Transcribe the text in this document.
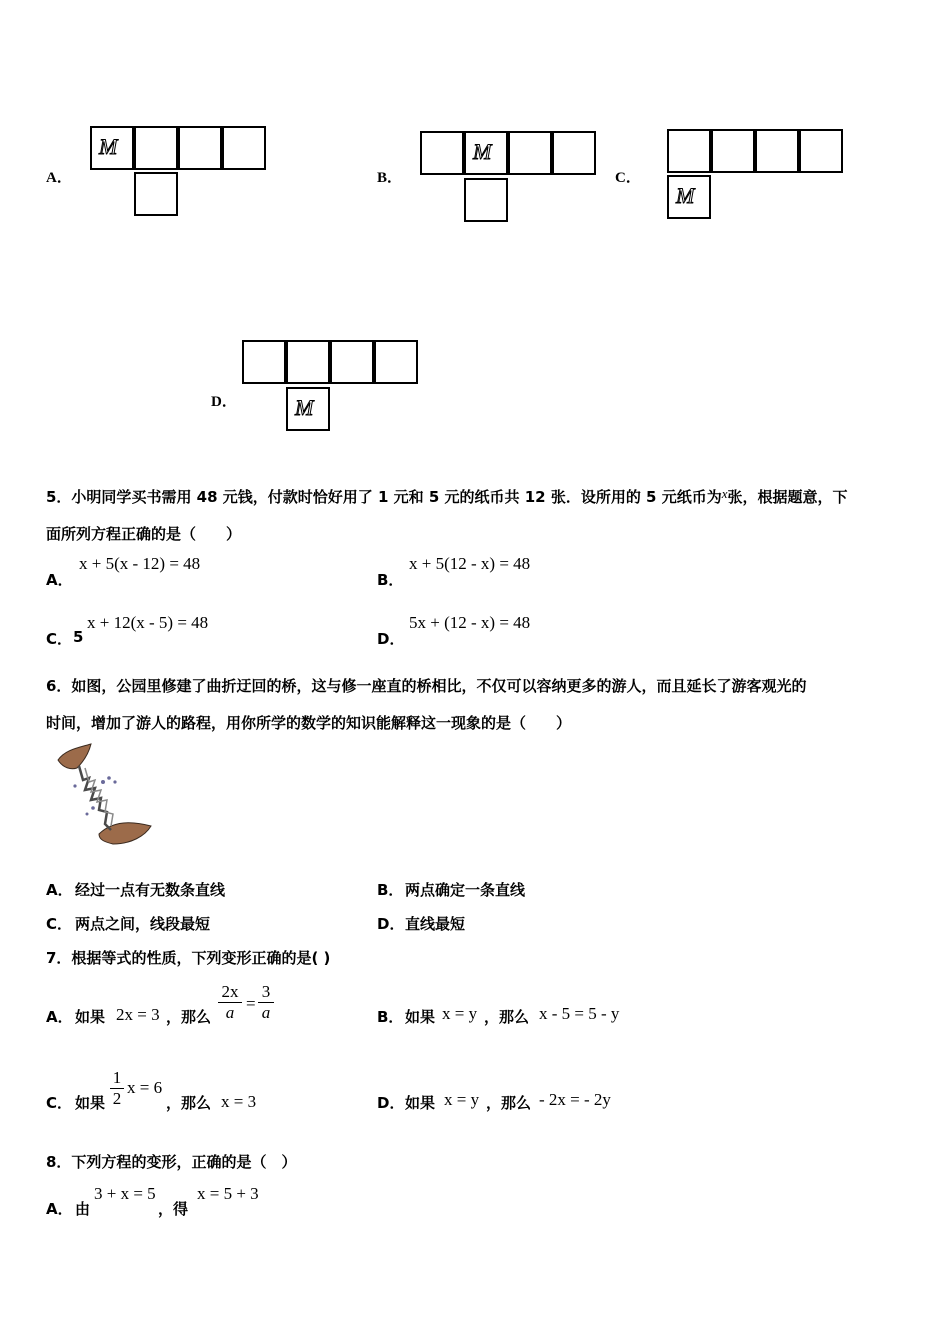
A．
M
B．
M
C．
M
D．	M
5．小明同学买书需用 48 元钱，付款时恰好用了 1 元和 5 元的纸币共 12 张．设所用的 5 元纸币为x张，根据题意，下
面所列方程正确的是（　　）
A．
x + 5(x - 12) = 48
B．
x + 5(12 - x) = 48
C． 5
x + 12(x - 5) = 48
D．
5x + (12 - x) = 48
6．如图，公园里修建了曲折迂回的桥，这与修一座直的桥相比，不仅可以容纳更多的游人，而且延长了游客观光的
时间，增加了游人的路程，用你所学的数学的知识能解释这一现象的是（　　）
A． 经过一点有无数条直线	B． 两点确定一条直线
C． 两点之间，线段最短	D． 直线最短
7．根据等式的性质，下列变形正确的是( )
A． 如果 2x = 3 ，那么
2x
a =
3
a	B． 如果 x = y ，那么 x - 5 = 5 - y
C． 如果
1
2
x = 6
，那么 x = 3	D． 如果 x = y ，那么 - 2x = - 2y
8．下列方程的变形，正确的是（　）
A． 由
3 + x = 5
，得
x = 5 + 3
